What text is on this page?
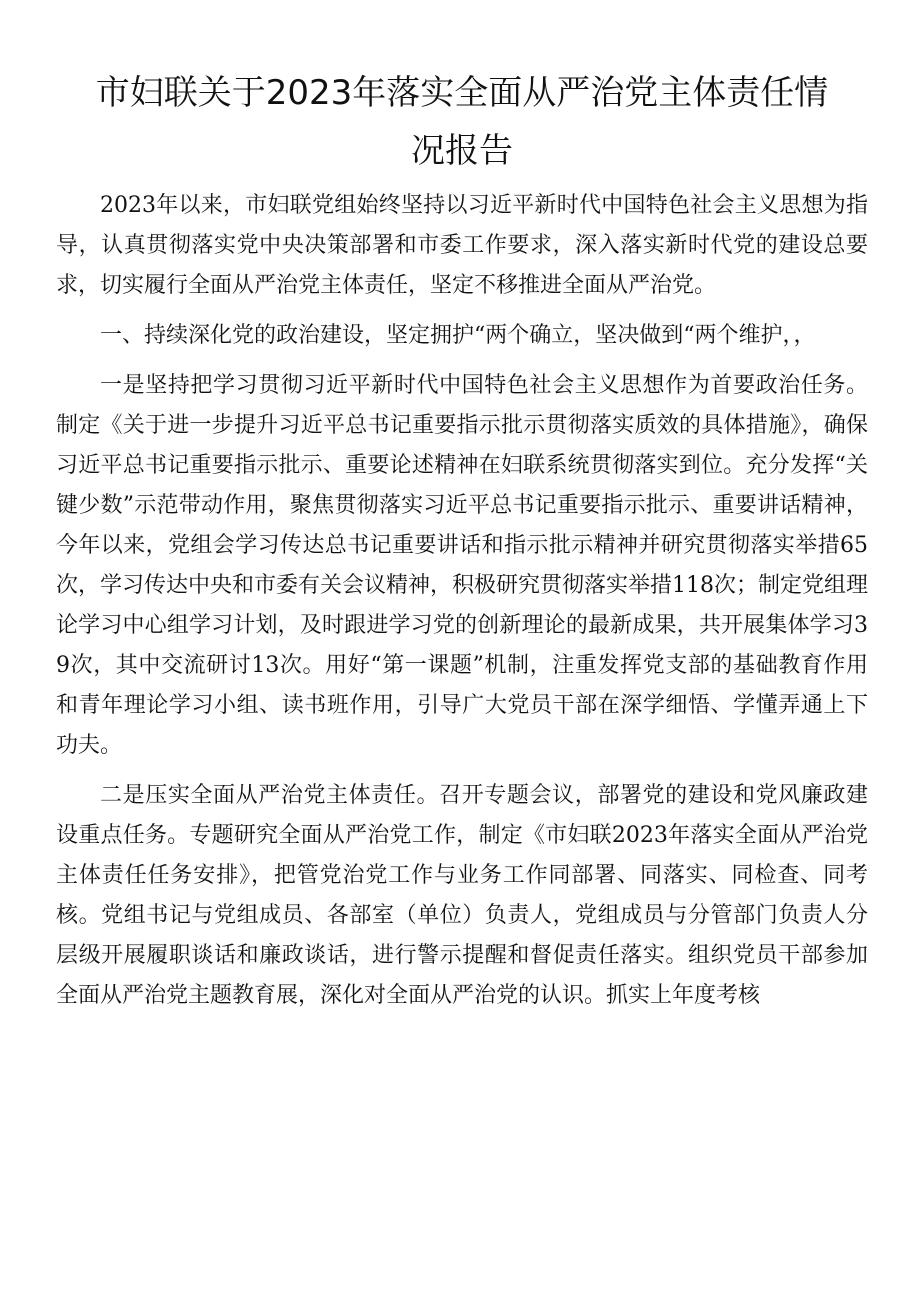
市妇联关于2023年落实全面从严治党主体责任情况报告

2023年以来，市妇联党组始终坚持以习近平新时代中国特色社会主义思想为指导，认真贯彻落实党中央决策部署和市委工作要求，深入落实新时代党的建设总要求，切实履行全面从严治党主体责任，坚定不移推进全面从严治党。

一、持续深化党的政治建设，坚定拥护“两个确立，坚决做到“两个维护，，

一是坚持把学习贯彻习近平新时代中国特色社会主义思想作为首要政治任务。制定《关于进一步提升习近平总书记重要指示批示贯彻落实质效的具体措施》，确保习近平总书记重要指示批示、重要论述精神在妇联系统贯彻落实到位。充分发挥“关键少数”示范带动作用，聚焦贯彻落实习近平总书记重要指示批示、重要讲话精神，今年以来，党组会学习传达总书记重要讲话和指示批示精神并研究贯彻落实举措65次，学习传达中央和市委有关会议精神，积极研究贯彻落实举措118次；制定党组理论学习中心组学习计划，及时跟进学习党的创新理论的最新成果，共开展集体学习39次，其中交流研讨13次。用好“第一课题”机制，注重发挥党支部的基础教育作用和青年理论学习小组、读书班作用，引导广大党员干部在深学细悟、学懂弄通上下功夫。

二是压实全面从严治党主体责任。召开专题会议，部署党的建设和党风廉政建设重点任务。专题研究全面从严治党工作，制定《市妇联2023年落实全面从严治党主体责任任务安排》，把管党治党工作与业务工作同部署、同落实、同检查、同考核。党组书记与党组成员、各部室（单位）负责人，党组成员与分管部门负责人分层级开展履职谈话和廉政谈话，进行警示提醒和督促责任落实。组织党员干部参加全面从严治党主题教育展，深化对全面从严治党的认识。抓实上年度考核
